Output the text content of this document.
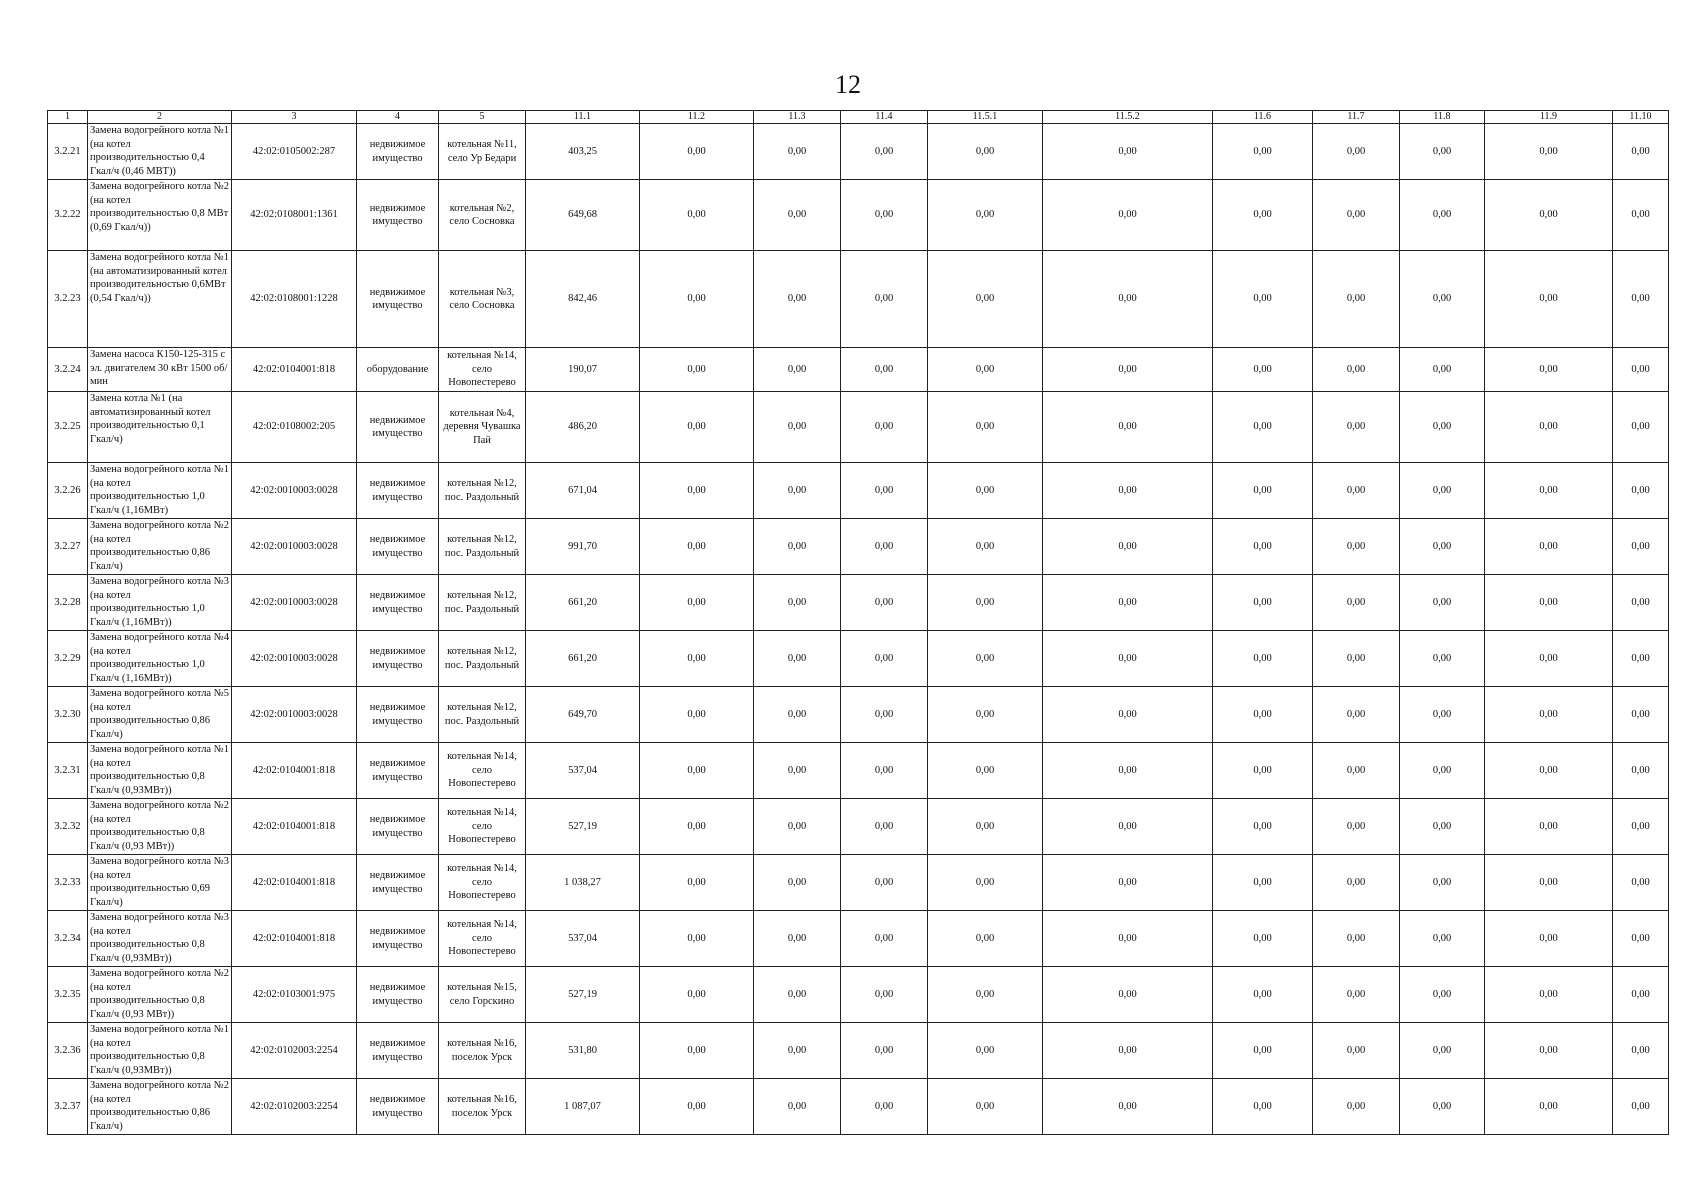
12
1	2	3	4	5	11.1	11.2	11.3	11.4	11.5.1	11.5.2	11.6	11.7	11.8	11.9	11.10
3.2.21	Замена водогрейного котла №1 (на котел производительностью 0,4 Гкал/ч (0,46 МВТ))	42:02:0105002:287	недвижимое имущество	котельная №11, село Ур Бедари	403,25	0,00	0,00	0,00	0,00	0,00	0,00	0,00	0,00	0,00	0,00
3.2.22	Замена водогрейного котла №2 (на котел производительностью 0,8 МВт (0,69 Гкал/ч))	42:02:0108001:1361	недвижимое имущество	котельная №2, село Сосновка	649,68	0,00	0,00	0,00	0,00	0,00	0,00	0,00	0,00	0,00	0,00
3.2.23	Замена водогрейного котла №1 (на автоматизированный котел производительностью 0,6МВт (0,54 Гкал/ч))	42:02:0108001:1228	недвижимое имущество	котельная №3, село Сосновка	842,46	0,00	0,00	0,00	0,00	0,00	0,00	0,00	0,00	0,00	0,00
3.2.24	Замена насоса К150-125-315 с эл. двигателем 30 кВт 1500 об/мин	42:02:0104001:818	оборудование	котельная №14, село Новопестерево	190,07	0,00	0,00	0,00	0,00	0,00	0,00	0,00	0,00	0,00	0,00
3.2.25	Замена котла №1 (на автоматизированный котел производительностью 0,1 Гкал/ч)	42:02:0108002:205	недвижимое имущество	котельная №4, деревня Чувашка Пай	486,20	0,00	0,00	0,00	0,00	0,00	0,00	0,00	0,00	0,00	0,00
3.2.26	Замена водогрейного котла №1 (на котел производительностью 1,0 Гкал/ч (1,16МВт)	42:02:0010003:0028	недвижимое имущество	котельная №12, пос. Раздольный	671,04	0,00	0,00	0,00	0,00	0,00	0,00	0,00	0,00	0,00	0,00
3.2.27	Замена водогрейного котла №2 (на котел производительностью 0,86 Гкал/ч)	42:02:0010003:0028	недвижимое имущество	котельная №12, пос. Раздольный	991,70	0,00	0,00	0,00	0,00	0,00	0,00	0,00	0,00	0,00	0,00
3.2.28	Замена водогрейного котла №3 (на котел производительностью 1,0 Гкал/ч (1,16МВт))	42:02:0010003:0028	недвижимое имущество	котельная №12, пос. Раздольный	661,20	0,00	0,00	0,00	0,00	0,00	0,00	0,00	0,00	0,00	0,00
3.2.29	Замена водогрейного котла №4 (на котел производительностью 1,0 Гкал/ч (1,16МВт))	42:02:0010003:0028	недвижимое имущество	котельная №12, пос. Раздольный	661,20	0,00	0,00	0,00	0,00	0,00	0,00	0,00	0,00	0,00	0,00
3.2.30	Замена водогрейного котла №5 (на котел производительностью 0,86 Гкал/ч)	42:02:0010003:0028	недвижимое имущество	котельная №12, пос. Раздольный	649,70	0,00	0,00	0,00	0,00	0,00	0,00	0,00	0,00	0,00	0,00
3.2.31	Замена водогрейного котла №1 (на котел производительностью 0,8 Гкал/ч (0,93МВт))	42:02:0104001:818	недвижимое имущество	котельная №14, село Новопестерево	537,04	0,00	0,00	0,00	0,00	0,00	0,00	0,00	0,00	0,00	0,00
3.2.32	Замена водогрейного котла №2 (на котел производительностью 0,8 Гкал/ч (0,93 МВт))	42:02:0104001:818	недвижимое имущество	котельная №14, село Новопестерево	527,19	0,00	0,00	0,00	0,00	0,00	0,00	0,00	0,00	0,00	0,00
3.2.33	Замена водогрейного котла №3 (на котел производительностью 0,69 Гкал/ч)	42:02:0104001:818	недвижимое имущество	котельная №14, село Новопестерево	1 038,27	0,00	0,00	0,00	0,00	0,00	0,00	0,00	0,00	0,00	0,00
3.2.34	Замена водогрейного котла №3 (на котел производительностью 0,8 Гкал/ч (0,93МВт))	42:02:0104001:818	недвижимое имущество	котельная №14, село Новопестерево	537,04	0,00	0,00	0,00	0,00	0,00	0,00	0,00	0,00	0,00	0,00
3.2.35	Замена водогрейного котла №2 (на котел производительностью 0,8 Гкал/ч (0,93 МВт))	42:02:0103001:975	недвижимое имущество	котельная №15, село Горскино	527,19	0,00	0,00	0,00	0,00	0,00	0,00	0,00	0,00	0,00	0,00
3.2.36	Замена водогрейного котла №1 (на котел производительностью 0,8 Гкал/ч (0,93МВт))	42:02:0102003:2254	недвижимое имущество	котельная №16, поселок Урск	531,80	0,00	0,00	0,00	0,00	0,00	0,00	0,00	0,00	0,00	0,00
3.2.37	Замена водогрейного котла №2 (на котел производительностью 0,86 Гкал/ч)	42:02:0102003:2254	недвижимое имущество	котельная №16, поселок Урск	1 087,07	0,00	0,00	0,00	0,00	0,00	0,00	0,00	0,00	0,00	0,00
